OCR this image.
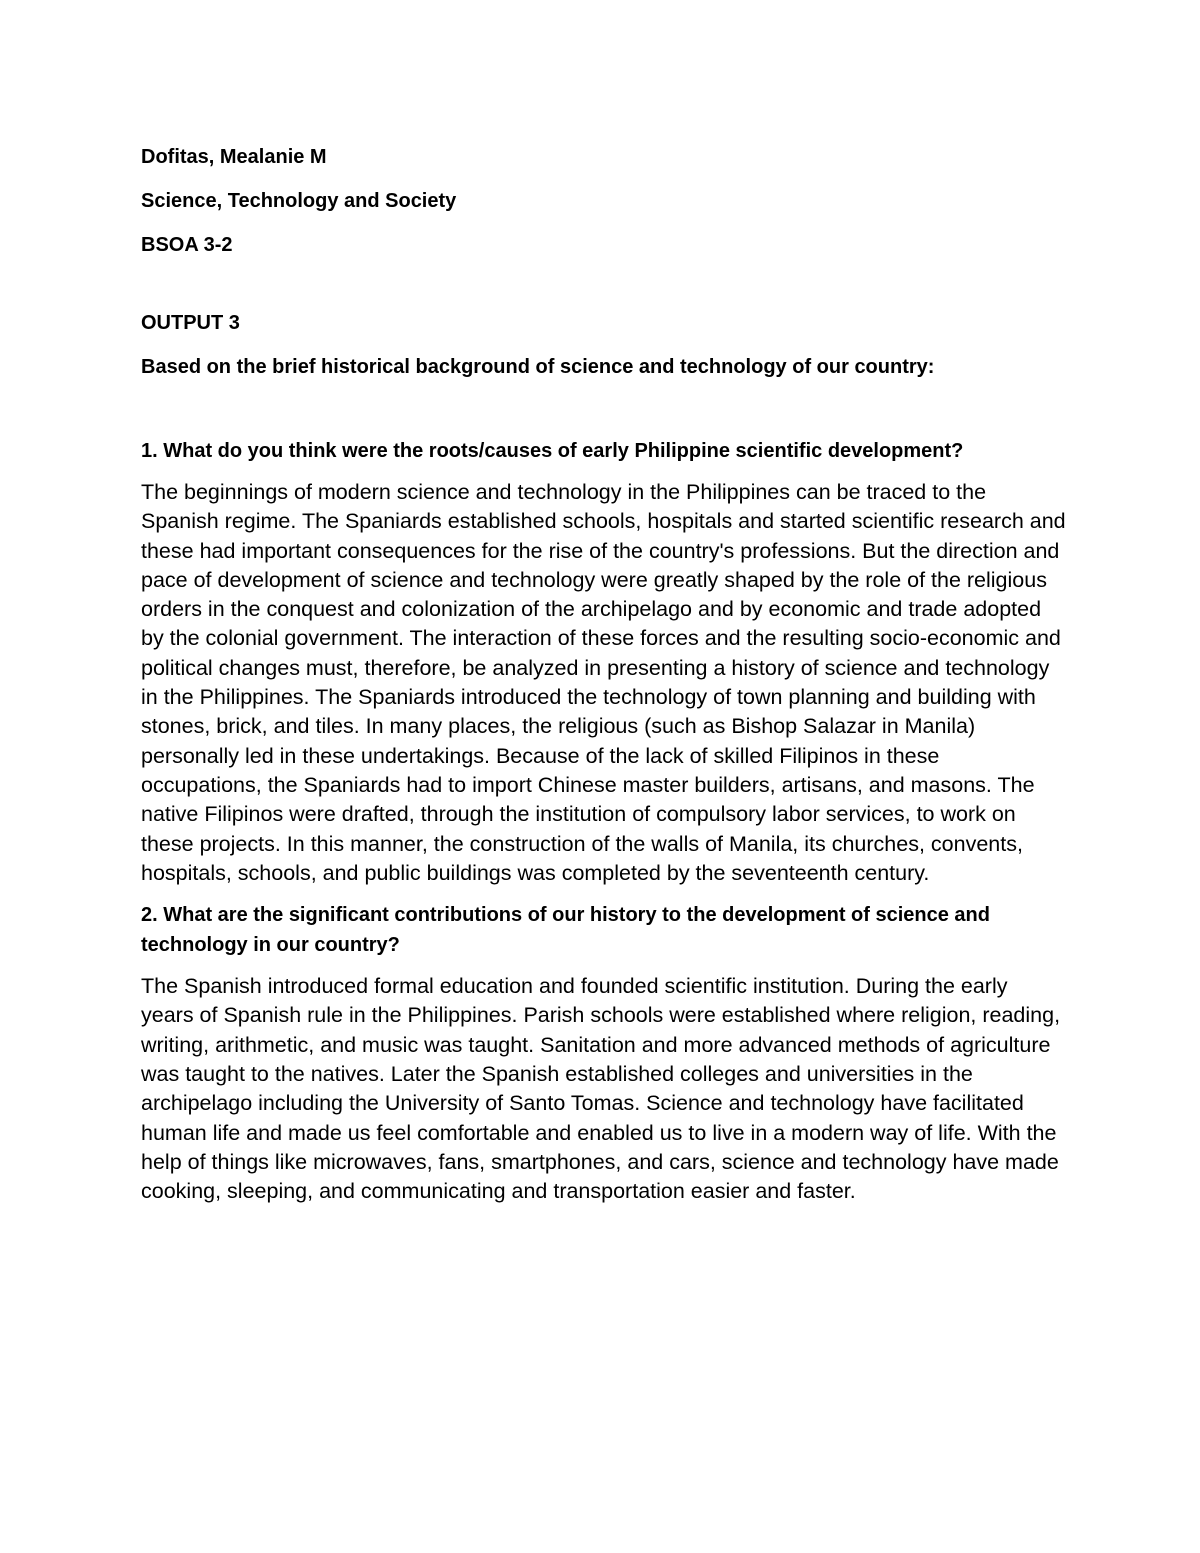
Dofitas, Mealanie M
Science, Technology and Society
BSOA 3-2
OUTPUT 3
Based on the brief historical background of science and technology of our country:
1. What do you think were the roots/causes of early Philippine scientific development?
The beginnings of modern science and technology in the Philippines can be traced to the Spanish regime. The Spaniards established schools, hospitals and started scientific research and these had important consequences for the rise of the country's professions. But the direction and pace of development of science and technology were greatly shaped by the role of the religious orders in the conquest and colonization of the archipelago and by economic and trade adopted by the colonial government. The interaction of these forces and the resulting socio-economic and political changes must, therefore, be analyzed in presenting a history of science and technology in the Philippines. The Spaniards introduced the technology of town planning and building with stones, brick, and tiles. In many places, the religious (such as Bishop Salazar in Manila) personally led in these undertakings. Because of the lack of skilled Filipinos in these occupations, the Spaniards had to import Chinese master builders, artisans, and masons. The native Filipinos were drafted, through the institution of compulsory labor services, to work on these projects. In this manner, the construction of the walls of Manila, its churches, convents, hospitals, schools, and public buildings was completed by the seventeenth century.
2. What are the significant contributions of our history to the development of science and technology in our country?
The Spanish introduced formal education and founded scientific institution. During the early years of Spanish rule in the Philippines. Parish schools were established where religion, reading, writing, arithmetic, and music was taught. Sanitation and more advanced methods of agriculture was taught to the natives. Later the Spanish established colleges and universities in the archipelago including the University of Santo Tomas. Science and technology have facilitated human life and made us feel comfortable and enabled us to live in a modern way of life. With the help of things like microwaves, fans, smartphones, and cars, science and technology have made cooking, sleeping, and communicating and transportation easier and faster.
